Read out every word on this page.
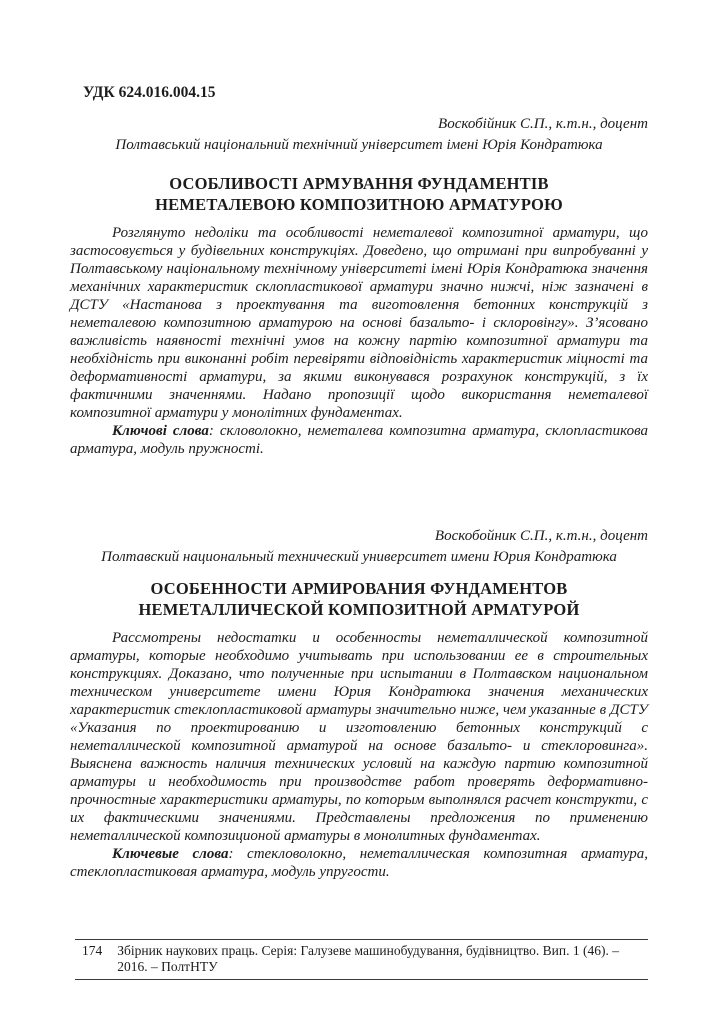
УДК 624.016.004.15
Воскобійник С.П., к.т.н., доцент
Полтавський національний технічний університет імені Юрія Кондратюка
ОСОБЛИВОСТІ АРМУВАННЯ ФУНДАМЕНТІВ
НЕМЕТАЛЕВОЮ КОМПОЗИТНОЮ АРМАТУРОЮ
Розглянуто недоліки та особливості неметалевої композитної арматури, що застосовується у будівельних конструкціях. Доведено, що отримані при випробуванні у Полтавському національному технічному університеті імені Юрія Кондратюка значення механічних характеристик склопластикової арматури значно нижчі, ніж зазначені в ДСТУ «Настанова з проектування та виготовлення бетонних конструкцій з неметалевою композитною арматурою на основі базальто- і склоровінгу». З’ясовано важливість наявності технічні умов на кожну партію композитної арматури та необхідність при виконанні робіт перевіряти відповідність характеристик міцності та деформативності арматури, за якими виконувався розрахунок конструкцій, з їх фактичними значеннями. Надано пропозиції щодо використання неметалевої композитної арматури у монолітних фундаментах.
Ключові слова: скловолокно, неметалева композитна арматура, склопластикова арматура, модуль пружності.
Воскобойник С.П., к.т.н., доцент
Полтавский национальный технический университет имени Юрия Кондратюка
ОСОБЕННОСТИ АРМИРОВАНИЯ ФУНДАМЕНТОВ
НЕМЕТАЛЛИЧЕСКОЙ КОМПОЗИТНОЙ АРМАТУРОЙ
Рассмотрены недостатки и особенносты неметаллической композитной арматуры, которые необходимо учитывать при использовании ее в строительных конструкциях. Доказано, что полученные при испытании в Полтавском национальном техническом университете имени Юрия Кондратюка значения механических характеристик стеклопластиковой арматуры значительно ниже, чем указанные в ДСТУ «Указания по проектированию и изготовлению бетонных конструкций с неметаллической композитной арматурой на основе базальто- и стеклоровинга». Выяснена важность наличия технических условий на каждую партию композитной арматуры и необходимость при производстве работ проверять деформативно-прочностные характеристики арматуры, по которым выполнялся расчет конструкти, с их фактическими значениями. Представлены предложения по применению неметаллической композиционой арматуры в монолитных фундаментах.
Ключевые слова: стекловолокно, неметаллическая композитная арматура, стеклопластиковая арматура, модуль упругости.
174 Збірник наукових праць. Серія: Галузеве машинобудування, будівництво. Вип. 1 (46). – 2016. – ПолтНТУ
